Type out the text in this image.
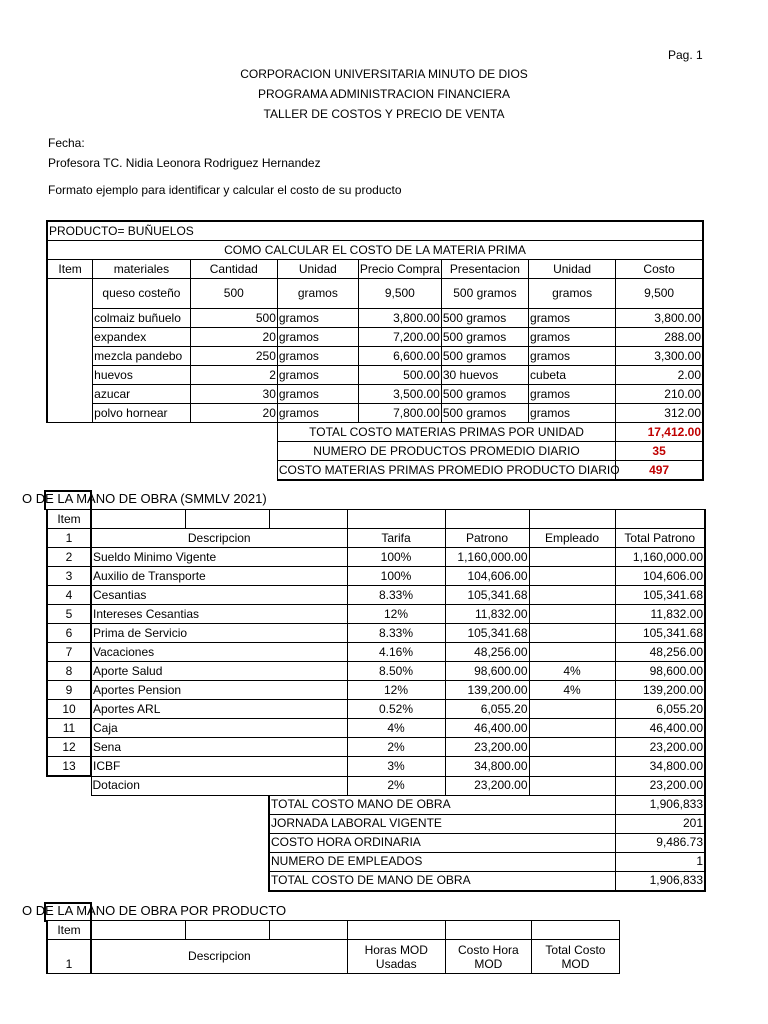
Pag. 1
CORPORACION UNIVERSITARIA MINUTO DE DIOS
PROGRAMA ADMINISTRACION FINANCIERA
TALLER DE COSTOS Y PRECIO DE VENTA
Fecha:
Profesora TC. Nidia Leonora Rodriguez Hernandez
Formato ejemplo para identificar y calcular el costo de su producto
PRODUCTO= BUÑUELOS							
COMO CALCULAR EL COSTO DE LA MATERIA PRIMA							
Item	materiales	Cantidad	Unidad	Precio Compra	Presentacion	Unidad	Costo
	queso costeño	500	gramos	9,500	500 gramos	gramos	9,500
	colmaiz buñuelo	500	gramos	3,800.00	500 gramos	gramos	3,800.00
	expandex	20	gramos	7,200.00	500 gramos	gramos	288.00
	mezcla pandebo	250	gramos	6,600.00	500 gramos	gramos	3,300.00
	huevos	2	gramos	500.00	30 huevos	cubeta	2.00
	azucar	30	gramos	3,500.00	500 gramos	gramos	210.00
	polvo hornear	20	gramos	7,800.00	500 gramos	gramos	312.00
			TOTAL COSTO MATERIAS PRIMAS POR UNIDAD				17,412.00
			NUMERO DE PRODUCTOS PROMEDIO DIARIO				35
			COSTO MATERIAS PRIMAS PROMEDIO PRODUCTO DIARIO				497
O DE LA MANO DE OBRA (SMMLV 2021)
Item							
1	Descripcion			Tarifa	Patrono	Empleado	Total Patrono
2	Sueldo Minimo Vigente			100%	1,160,000.00		1,160,000.00
3	Auxilio de Transporte			100%	104,606.00		104,606.00
4	Cesantias			8.33%	105,341.68		105,341.68
5	Intereses Cesantias			12%	11,832.00		11,832.00
6	Prima de Servicio			8.33%	105,341.68		105,341.68
7	Vacaciones			4.16%	48,256.00		48,256.00
8	Aporte Salud			8.50%	98,600.00	4%	98,600.00
9	Aportes Pension			12%	139,200.00	4%	139,200.00
10	Aportes ARL			0.52%	6,055.20		6,055.20
11	Caja			4%	46,400.00		46,400.00
12	Sena			2%	23,200.00		23,200.00
13	ICBF			3%	34,800.00		34,800.00
	Dotacion			2%	23,200.00		23,200.00
			TOTAL COSTO MANO DE OBRA				1,906,833
			JORNADA LABORAL VIGENTE				201
			COSTO HORA ORDINARIA				9,486.73
			NUMERO DE EMPLEADOS				1
			TOTAL COSTO DE MANO DE OBRA				1,906,833
O DE LA MANO DE OBRA POR PRODUCTO
Item						
1	Descripcion			Horas MOD Usadas	Costo Hora MOD	Total Costo MOD
